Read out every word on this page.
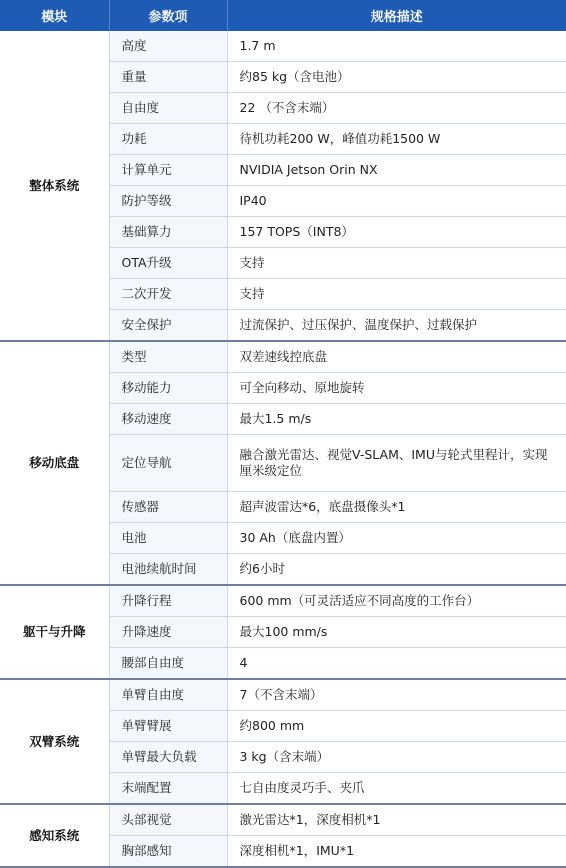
模块	参数项	规格描述
整体系统	高度	1.7 m
	重量	约85 kg（含电池）
	自由度	22 （不含末端）
	功耗	待机功耗200 W，峰值功耗1500 W
	计算单元	NVIDIA Jetson Orin NX
	防护等级	IP40
	基础算力	157 TOPS（INT8）
	OTA升级	支持
	二次开发	支持
	安全保护	过流保护、过压保护、温度保护、过载保护
移动底盘	类型	双差速线控底盘
	移动能力	可全向移动、原地旋转
	移动速度	最大1.5 m/s
	定位导航	融合激光雷达、视觉V-SLAM、IMU与轮式里程计，实现厘米级定位
	传感器	超声波雷达*6，底盘摄像头*1
	电池	30 Ah（底盘内置）
	电池续航时间	约6小时
躯干与升降	升降行程	600 mm（可灵活适应不同高度的工作台）
	升降速度	最大100 mm/s
	腰部自由度	4
双臂系统	单臂自由度	7（不含末端）
	单臂臂展	约800 mm
	单臂最大负载	3 kg（含末端）
	末端配置	七自由度灵巧手、夹爪
感知系统	头部视觉	激光雷达*1，深度相机*1
	胸部感知	深度相机*1，IMU*1
